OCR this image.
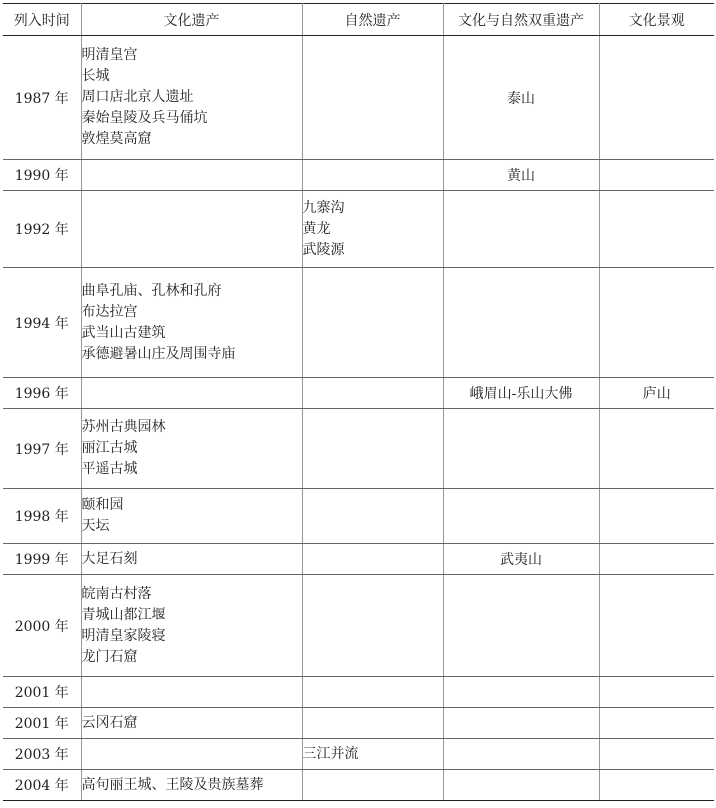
列入时间	文化遗产	自然遗产	文化与自然双重遗产	文化景观
1987 年	明清皇宫
长城
周口店北京人遗址
秦始皇陵及兵马俑坑
敦煌莫高窟		泰山	

1990 年			黄山	

1992 年		九寨沟
黄龙
武陵源		

1994 年	曲阜孔庙、孔林和孔府
布达拉宫
武当山古建筑
承德避暑山庄及周围寺庙			

1996 年			峨眉山-乐山大佛	庐山

1997 年	苏州古典园林
丽江古城
平遥古城			

1998 年	颐和园
天坛			

1999 年	大足石刻		武夷山	

2000 年	皖南古村落
青城山都江堰
明清皇家陵寝
龙门石窟			

2001 年				
2001 年	云冈石窟			

2003 年		三江并流		

2004 年	高句丽王城、王陵及贵族墓葬			
